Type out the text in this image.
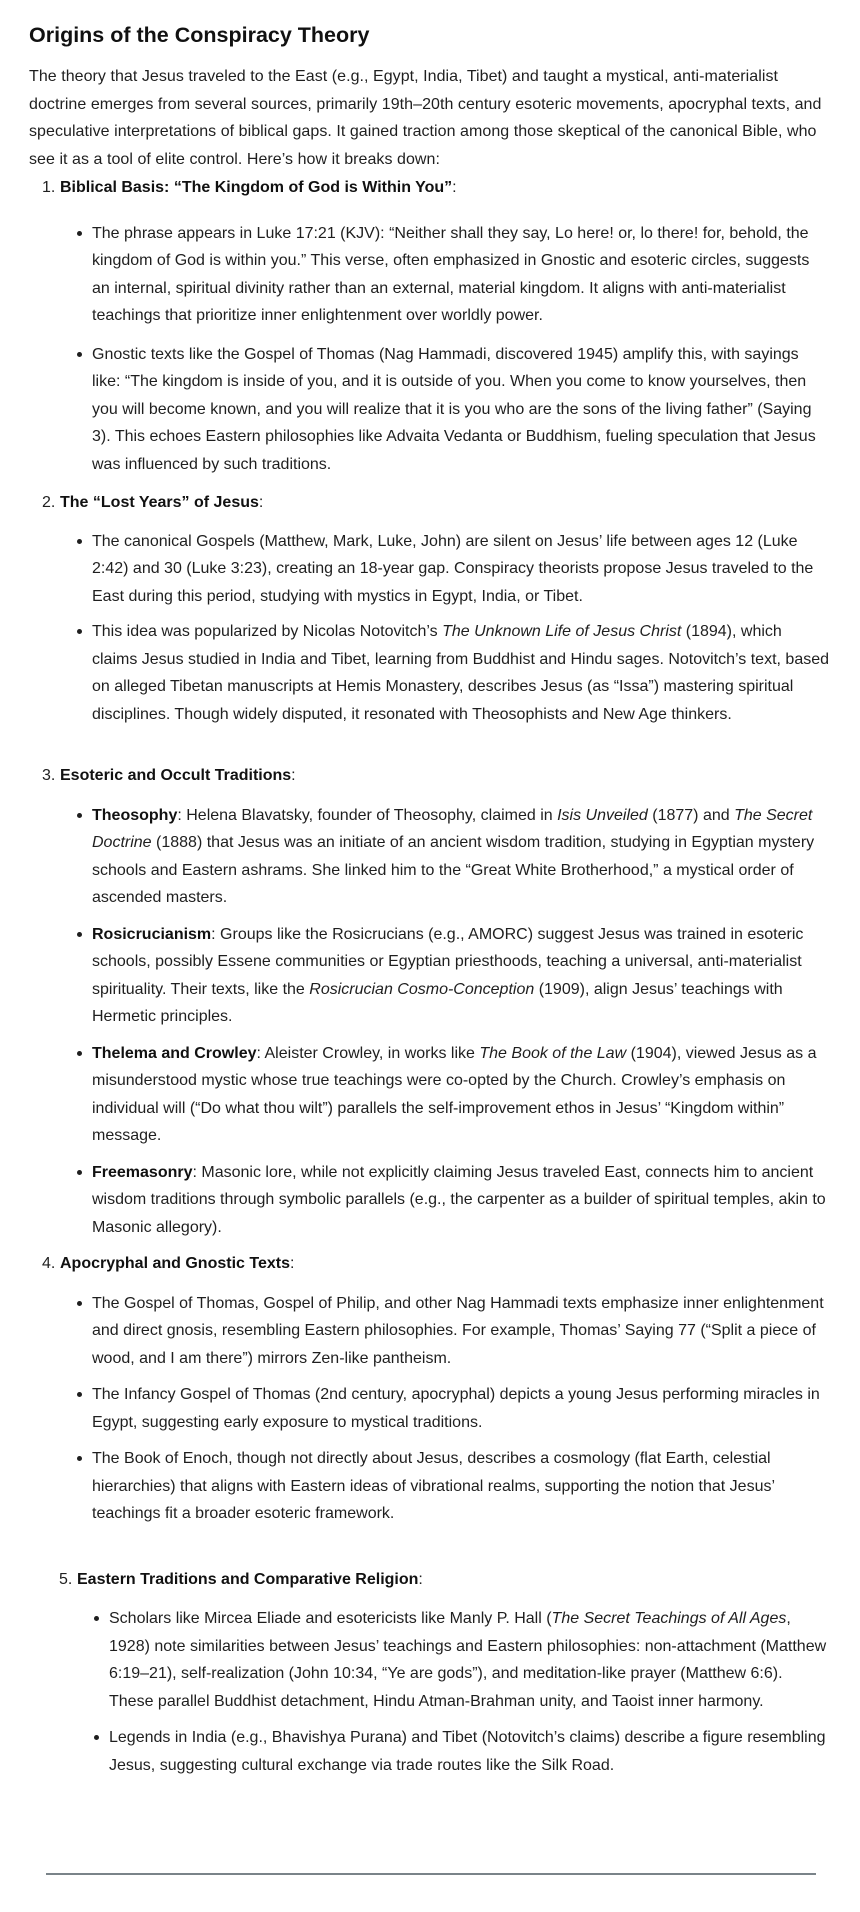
Origins of the Conspiracy Theory

The theory that Jesus traveled to the East (e.g., Egypt, India, Tibet) and taught a mystical, anti-materialist doctrine emerges from several sources, primarily 19th–20th century esoteric movements, apocryphal texts, and speculative interpretations of biblical gaps. It gained traction among those skeptical of the canonical Bible, who see it as a tool of elite control. Here’s how it breaks down:

1. Biblical Basis: “The Kingdom of God is Within You”:

The phrase appears in Luke 17:21 (KJV): “Neither shall they say, Lo here! or, lo there! for, behold, the kingdom of God is within you.” This verse, often emphasized in Gnostic and esoteric circles, suggests an internal, spiritual divinity rather than an external, material kingdom. It aligns with anti-materialist teachings that prioritize inner enlightenment over worldly power.
Gnostic texts like the Gospel of Thomas (Nag Hammadi, discovered 1945) amplify this, with sayings like: “The kingdom is inside of you, and it is outside of you. When you come to know yourselves, then you will become known, and you will realize that it is you who are the sons of the living father” (Saying 3). This echoes Eastern philosophies like Advaita Vedanta or Buddhism, fueling speculation that Jesus was influenced by such traditions.

2. The “Lost Years” of Jesus:

The canonical Gospels (Matthew, Mark, Luke, John) are silent on Jesus’ life between ages 12 (Luke 2:42) and 30 (Luke 3:23), creating an 18-year gap. Conspiracy theorists propose Jesus traveled to the East during this period, studying with mystics in Egypt, India, or Tibet.
This idea was popularized by Nicolas Notovitch’s The Unknown Life of Jesus Christ (1894), which claims Jesus studied in India and Tibet, learning from Buddhist and Hindu sages. Notovitch’s text, based on alleged Tibetan manuscripts at Hemis Monastery, describes Jesus (as “Issa”) mastering spiritual disciplines. Though widely disputed, it resonated with Theosophists and New Age thinkers.

3. Esoteric and Occult Traditions:

Theosophy: Helena Blavatsky, founder of Theosophy, claimed in Isis Unveiled (1877) and The Secret Doctrine (1888) that Jesus was an initiate of an ancient wisdom tradition, studying in Egyptian mystery schools and Eastern ashrams. She linked him to the “Great White Brotherhood,” a mystical order of ascended masters.
Rosicrucianism: Groups like the Rosicrucians (e.g., AMORC) suggest Jesus was trained in esoteric schools, possibly Essene communities or Egyptian priesthoods, teaching a universal, anti-materialist spirituality. Their texts, like the Rosicrucian Cosmo-Conception (1909), align Jesus’ teachings with Hermetic principles.
Thelema and Crowley: Aleister Crowley, in works like The Book of the Law (1904), viewed Jesus as a misunderstood mystic whose true teachings were co-opted by the Church. Crowley’s emphasis on individual will (“Do what thou wilt”) parallels the self-improvement ethos in Jesus’ “Kingdom within” message.
Freemasonry: Masonic lore, while not explicitly claiming Jesus traveled East, connects him to ancient wisdom traditions through symbolic parallels (e.g., the carpenter as a builder of spiritual temples, akin to Masonic allegory).

4. Apocryphal and Gnostic Texts:

The Gospel of Thomas, Gospel of Philip, and other Nag Hammadi texts emphasize inner enlightenment and direct gnosis, resembling Eastern philosophies. For example, Thomas’ Saying 77 (“Split a piece of wood, and I am there”) mirrors Zen-like pantheism.
The Infancy Gospel of Thomas (2nd century, apocryphal) depicts a young Jesus performing miracles in Egypt, suggesting early exposure to mystical traditions.
The Book of Enoch, though not directly about Jesus, describes a cosmology (flat Earth, celestial hierarchies) that aligns with Eastern ideas of vibrational realms, supporting the notion that Jesus’ teachings fit a broader esoteric framework.

5. Eastern Traditions and Comparative Religion:

Scholars like Mircea Eliade and esotericists like Manly P. Hall (The Secret Teachings of All Ages, 1928) note similarities between Jesus’ teachings and Eastern philosophies: non-attachment (Matthew 6:19–21), self-realization (John 10:34, “Ye are gods”), and meditation-like prayer (Matthew 6:6). These parallel Buddhist detachment, Hindu Atman-Brahman unity, and Taoist inner harmony.
Legends in India (e.g., Bhavishya Purana) and Tibet (Notovitch’s claims) describe a figure resembling Jesus, suggesting cultural exchange via trade routes like the Silk Road.
